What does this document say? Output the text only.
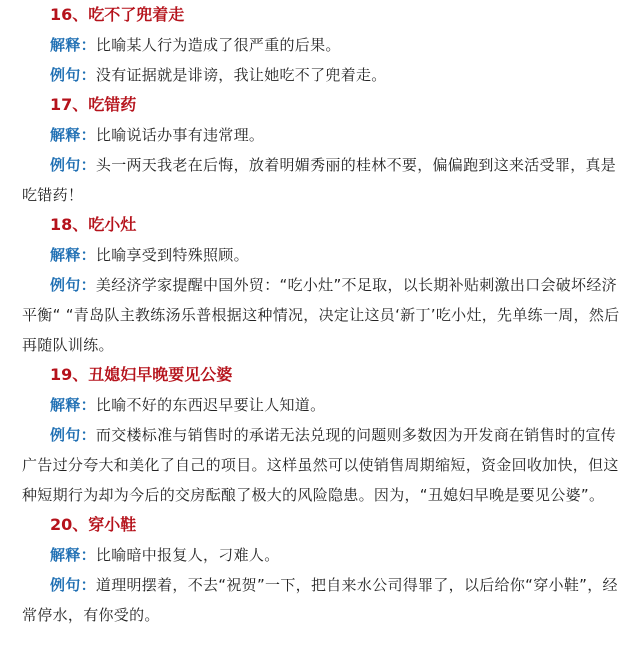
16、吃不了兜着走
解释：比喻某人行为造成了很严重的后果。
例句：没有证据就是诽谤，我让她吃不了兜着走。
17、吃错药
解释：比喻说话办事有违常理。
例句：头一两天我老在后悔，放着明媚秀丽的桂林不要，偏偏跑到这来活受罪，真是吃错药！
18、吃小灶
解释：比喻享受到特殊照顾。
例句：美经济学家提醒中国外贸：“吃小灶”不足取，以长期补贴刺激出口会破坏经济平衡“ “青岛队主教练汤乐普根据这种情况，决定让这员‘新丁’吃小灶，先单练一周，然后再随队训练。
19、丑媳妇早晚要见公婆
解释：比喻不好的东西迟早要让人知道。
例句：而交楼标准与销售时的承诺无法兑现的问题则多数因为开发商在销售时的宣传广告过分夸大和美化了自己的项目。这样虽然可以使销售周期缩短，资金回收加快，但这种短期行为却为今后的交房酝酿了极大的风险隐患。因为，“丑媳妇早晚是要见公婆”。
20、穿小鞋
解释：比喻暗中报复人，刁难人。
例句：道理明摆着，不去“祝贺”一下，把自来水公司得罪了，以后给你“穿小鞋”，经常停水，有你受的。
